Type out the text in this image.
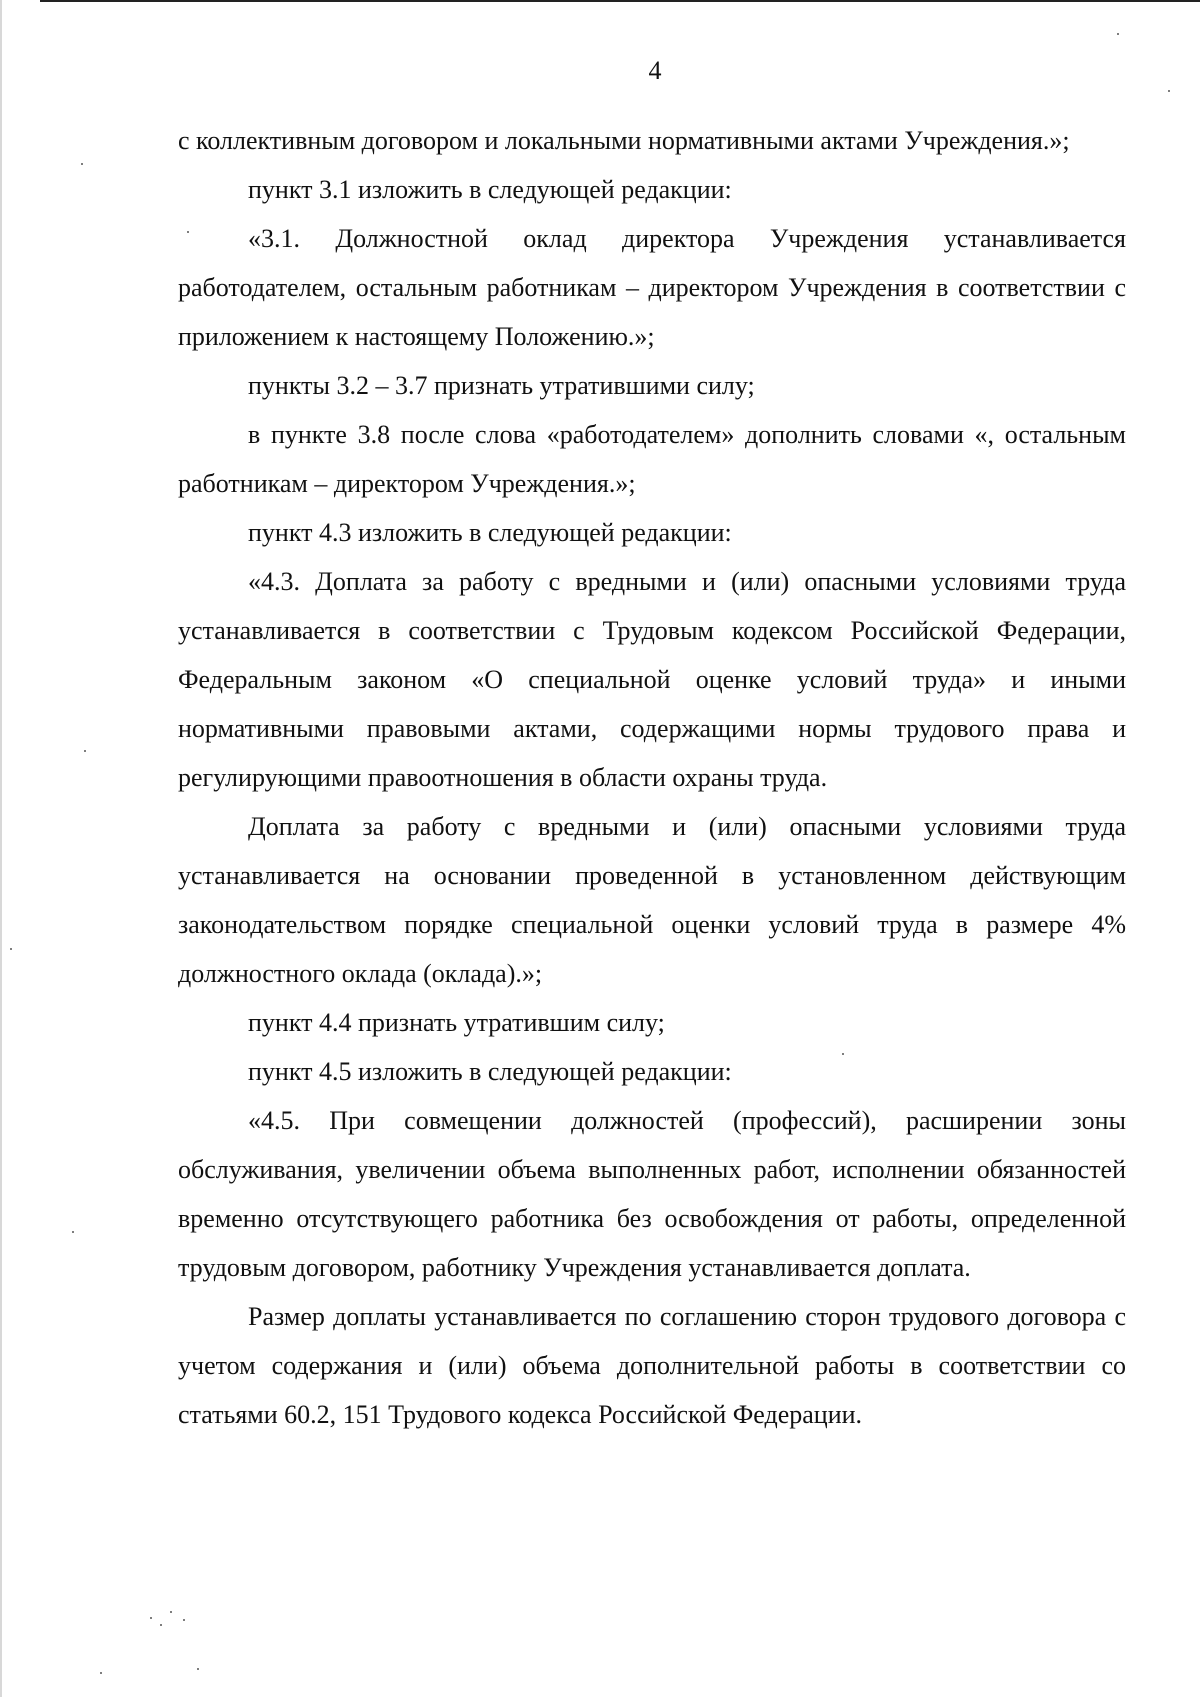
4

с коллективным договором и локальными нормативными актами Учреждения.»;

пункт 3.1 изложить в следующей редакции:

«3.1. Должностной оклад директора Учреждения устанавливается работодателем, остальным работникам – директором Учреждения в соответствии с приложением к настоящему Положению.»;

пункты 3.2 – 3.7 признать утратившими силу;

в пункте 3.8 после слова «работодателем» дополнить словами «, остальным работникам – директором Учреждения.»;

пункт 4.3 изложить в следующей редакции:

«4.3. Доплата за работу с вредными и (или) опасными условиями труда устанавливается в соответствии с Трудовым кодексом Российской Федерации, Федеральным законом «О специальной оценке условий труда» и иными нормативными правовыми актами, содержащими нормы трудового права и регулирующими правоотношения в области охраны труда.

Доплата за работу с вредными и (или) опасными условиями труда устанавливается на основании проведенной в установленном действующим законодательством порядке специальной оценки условий труда в размере 4% должностного оклада (оклада).»;

пункт 4.4 признать утратившим силу;

пункт 4.5 изложить в следующей редакции:

«4.5. При совмещении должностей (профессий), расширении зоны обслуживания, увеличении объема выполненных работ, исполнении обязанностей временно отсутствующего работника без освобождения от работы, определенной трудовым договором, работнику Учреждения устанавливается доплата.

Размер доплаты устанавливается по соглашению сторон трудового договора с учетом содержания и (или) объема дополнительной работы в соответствии со статьями 60.2, 151 Трудового кодекса Российской Федерации.
